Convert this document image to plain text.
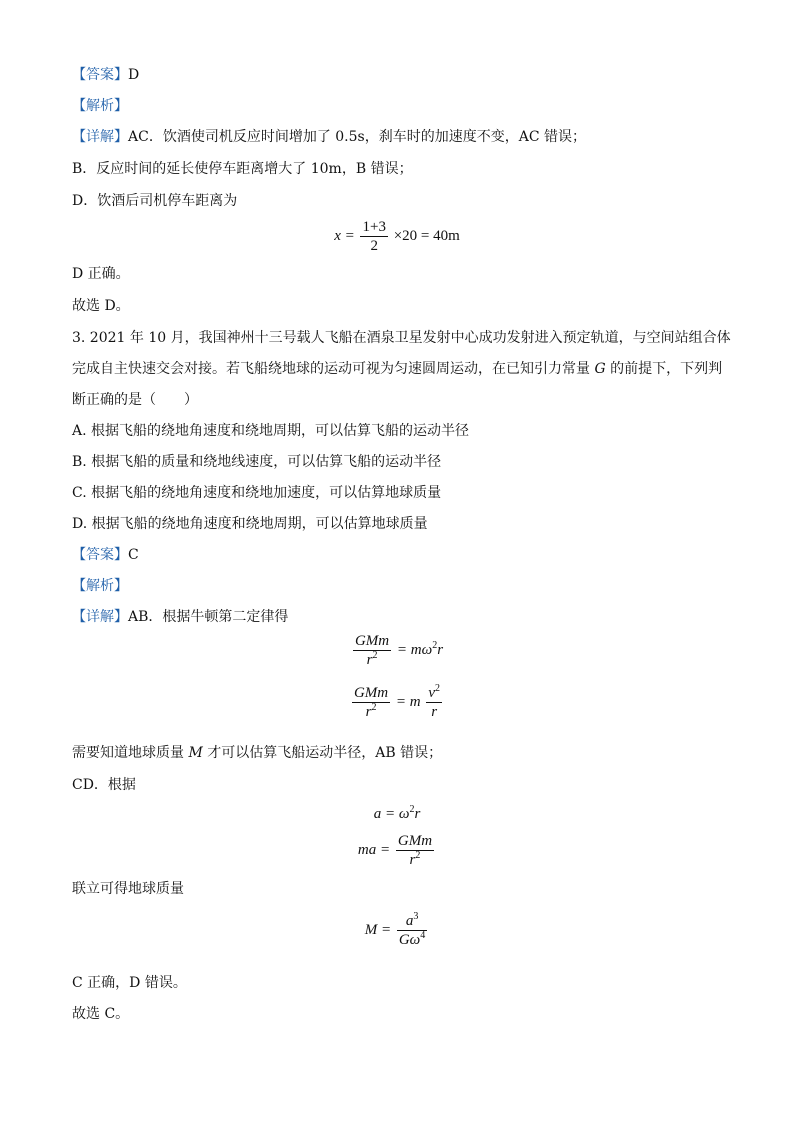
【答案】D
【解析】
【详解】AC．饮酒使司机反应时间增加了 0.5s，刹车时的加速度不变，AC 错误；
B．反应时间的延长使停车距离增大了 10m，B 错误；
D．饮酒后司机停车距离为
$x = \frac{1+3}{2} \times 20 = 40m$
D 正确。
故选 D。
3. 2021 年 10 月，我国神州十三号载人飞船在酒泉卫星发射中心成功发射进入预定轨道，与空间站组合体
完成自主快速交会对接。若飞船绕地球的运动可视为匀速圆周运动，在已知引力常量 G 的前提下，下列判
断正确的是（　　）
A. 根据飞船的绕地角速度和绕地周期，可以估算飞船的运动半径
B. 根据飞船的质量和绕地线速度，可以估算飞船的运动半径
C. 根据飞船的绕地角速度和绕地加速度，可以估算地球质量
D. 根据飞船的绕地角速度和绕地周期，可以估算地球质量
【答案】C
【解析】
【详解】AB．根据牛顿第二定律得
$\frac{\text{GMm}}{r^2} = m\omega^2r$
$\frac{\text{GMm}}{r^2} = m \frac{v^2}{r}$
需要知道地球质量 M 才可以估算飞船运动半径，AB 错误；
CD．根据
$a = \omega^2r$
ma = $\frac{\text{GMm}}{r^2}$
联立可得地球质量
$M = \frac{a^3}{G\omega^4}$
C 正确，D 错误。
故选 C。
